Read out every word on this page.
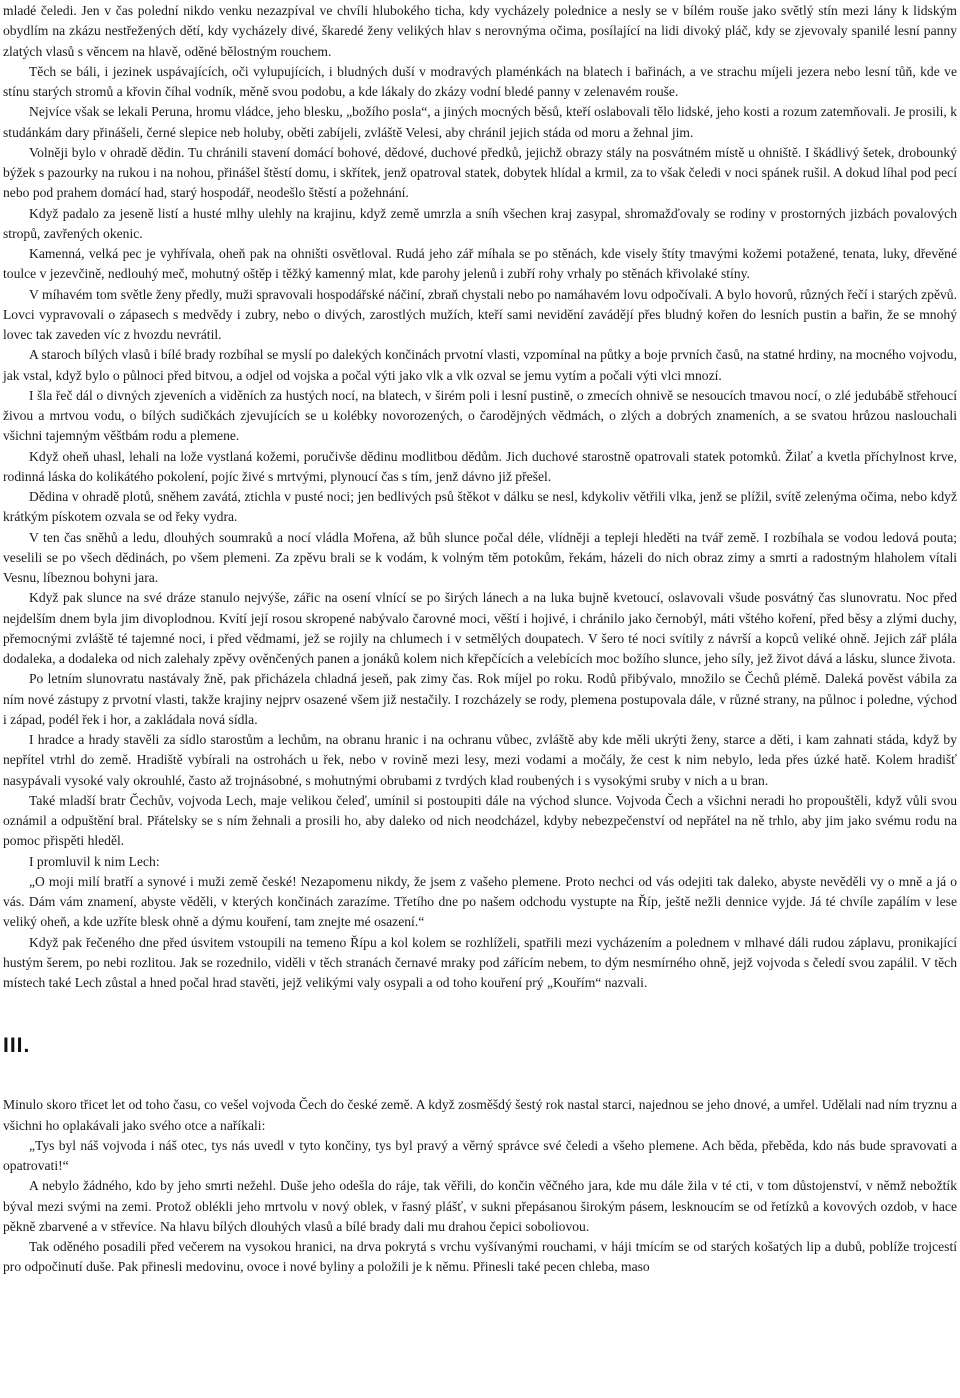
mladé čeledi. Jen v čas polední nikdo venku nezazpíval ve chvíli hlubokého ticha, kdy vycházely polednice a nesly se v bílém rouše jako světlý stín mezi lány k lidským obydlím na zkázu nestřežených dětí, kdy vycházely divé, škaredé ženy velikých hlav s nerovnýma očima, posílající na lidi divoký pláč, kdy se zjevovaly spanilé lesní panny zlatých vlasů s věncem na hlavě, oděné bělostným rouchem.

Těch se báli, i jezinek uspávajících, oči vylupujících, i bludných duší v modravých plaménkách na blatech i bařinách, a ve strachu míjeli jezera nebo lesní tůň, kde ve stínu starých stromů a křovin číhal vodník, měně svou podobu, a kde lákaly do zkázy vodní bledé panny v zelenavém rouše.

Nejvíce však se lekali Peruna, hromu vládce, jeho blesku, „božího posla“, a jiných mocných běsů, kteří oslabovali tělo lidské, jeho kosti a rozum zatemňovali. Je prosili, k studánkám dary přinášeli, černé slepice neb holuby, oběti zabíjeli, zvláště Velesi, aby chránil jejich stáda od moru a žehnal jim.

Volněji bylo v ohradě dědin. Tu chránili stavení domácí bohové, dědové, duchové předků, jejichž obrazy stály na posvátném místě u ohniště. I škádlivý šetek, drobounký býžek s pazourky na rukou i na nohou, přinášel štěstí domu, i skřítek, jenž opatroval statek, dobytek hlídal a krmil, za to však čeledi v noci spánek rušil. A dokud líhal pod pecí nebo pod prahem domácí had, starý hospodář, neodešlo štěstí a požehnání.

Když padalo za jeseně listí a husté mlhy ulehly na krajinu, když země umrzla a sníh všechen kraj zasypal, shromažďovaly se rodiny v prostorných jizbách povalových stropů, zavřených okenic.

Kamenná, velká pec je vyhřívala, oheň pak na ohništi osvětloval. Rudá jeho zář míhala se po stěnách, kde visely štíty tmavými kožemi potažené, tenata, luky, dřevěné toulce v jezevčině, nedlouhý meč, mohutný oštěp i těžký kamenný mlat, kde parohy jelenů i zubří rohy vrhaly po stěnách křivolaké stíny.

V míhavém tom světle ženy předly, muži spravovali hospodářské náčiní, zbraň chystali nebo po namáhavém lovu odpočívali. A bylo hovorů, různých řečí i starých zpěvů. Lovci vypravovali o zápasech s medvědy i zubry, nebo o divých, zarostlých mužích, kteří sami nevidění zavádějí přes bludný kořen do lesních pustin a bařin, že se mnohý lovec tak zaveden víc z hvozdu nevrátil.

A staroch bílých vlasů i bílé brady rozbíhal se myslí po dalekých končinách prvotní vlasti, vzpomínal na půtky a boje prvních časů, na statné hrdiny, na mocného vojvodu, jak vstal, když bylo o půlnoci před bitvou, a odjel od vojska a počal výti jako vlk a vlk ozval se jemu vytím a počali výti vlci mnozí.

I šla řeč dál o divných zjeveních a viděních za hustých nocí, na blatech, v širém poli i lesní pustině, o zmecích ohnivě se nesoucích tmavou nocí, o zlé jedubábě střehoucí živou a mrtvou vodu, o bílých sudičkách zjevujících se u kolébky novorozených, o čarodějných vědmách, o zlých a dobrých znameních, a se svatou hrůzou naslouchali všichni tajemným věštbám rodu a plemene.

Když oheň uhasl, lehali na lože vystlaná kožemi, poručivše dědinu modlitbou dědům. Jich duchové starostně opatrovali statek potomků. Žilať a kvetla příchylnost krve, rodinná láska do kolikátého pokolení, pojíc živé s mrtvými, plynoucí čas s tím, jenž dávno již přešel.

Dědina v ohradě plotů, sněhem zavátá, ztichla v pusté noci; jen bedlivých psů štěkot v dálku se nesl, kdykoliv větřili vlka, jenž se plížil, svítě zelenýma očima, nebo když krátkým pískotem ozvala se od řeky vydra.

V ten čas sněhů a ledu, dlouhých soumraků a nocí vládla Mořena, až bůh slunce počal déle, vlídněji a tepleji hleděti na tvář země. I rozbíhala se vodou ledová pouta; veselili se po všech dědinách, po všem plemeni. Za zpěvu brali se k vodám, k volným těm potokům, řekám, házeli do nich obraz zimy a smrti a radostným hlaholem vítali Vesnu, líbeznou bohyni jara.

Když pak slunce na své dráze stanulo nejvýše, zářic na osení vlnící se po širých lánech a na luka bujně kvetoucí, oslavovali všude posvátný čas slunovratu. Noc před nejdelším dnem byla jim divoplodnou. Kvítí její rosou skropené nabývalo čarovné moci, věští i hojivé, i chránilo jako černobýl, máti vštého koření, před běsy a zlými duchy, přemocnými zvláště té tajemné noci, i před vědmami, jež se rojily na chlumech i v setmělých doupatech. V šero té noci svítily z návrší a kopců veliké ohně. Jejich zář plála dodaleka, a dodaleka od nich zalehaly zpěvy ověnčených panen a jonáků kolem nich křepčících a velebících moc božího slunce, jeho síly, jež život dává a lásku, slunce života.

Po letním slunovratu nastávaly žně, pak přicházela chladná jeseň, pak zimy čas. Rok míjel po roku. Rodů přibývalo, množilo se Čechů plémě. Daleká pověst vábila za ním nové zástupy z prvotní vlasti, takže krajiny nejprv osazené všem již nestačily. I rozcházely se rody, plemena postupovala dále, v různé strany, na půlnoc i poledne, východ i západ, podél řek i hor, a zakládala nová sídla.

I hradce a hrady stavěli za sídlo starostům a lechům, na obranu hranic i na ochranu vůbec, zvláště aby kde měli ukrýti ženy, starce a děti, i kam zahnati stáda, když by nepřítel vtrhl do země. Hradiště vybírali na ostrohách u řek, nebo v rovině mezi lesy, mezi vodami a močály, že cest k nim nebylo, leda přes úzké hatě. Kolem hradišť nasypávali vysoké valy okrouhlé, často až trojnásobné, s mohutnými obrubami z tvrdých klad roubených i s vysokými sruby v nich a u bran.

Také mladší bratr Čechův, vojvoda Lech, maje velikou čeleď, umínil si postoupiti dále na východ slunce. Vojvoda Čech a všichni neradi ho propouštěli, když vůli svou oznámil a odpuštění bral. Přátelsky se s ním žehnali a prosili ho, aby daleko od nich neodcházel, kdyby nebezpečenství od nepřátel na ně trhlo, aby jim jako svému rodu na pomoc přispěti hleděl.

I promluvil k nim Lech:

„O moji milí bratří a synové i muži země české! Nezapomenu nikdy, že jsem z vašeho plemene. Proto nechci od vás odejiti tak daleko, abyste nevěděli vy o mně a já o vás. Dám vám znamení, abyste věděli, v kterých končinách zarazíme. Třetího dne po našem odchodu vystupte na Říp, ještě nežli dennice vyjde. Já té chvíle zapálím v lese veliký oheň, a kde uzříte blesk ohně a dýmu kouření, tam znejte mé osazení.“

Když pak řečeného dne před úsvitem vstoupili na temeno Řípu a kol kolem se rozhlíželi, spatřili mezi vycházením a polednem v mlhavé dáli rudou záplavu, pronikající hustým šerem, po nebi rozlitou. Jak se rozednilo, viděli v těch stranách černavé mraky pod zářícím nebem, to dým nesmírného ohně, jejž vojvoda s čeledí svou zapálil. V těch místech také Lech zůstal a hned počal hrad stavěti, jejž velikými valy osypali a od toho kouření prý „Kouřím“ nazvali.

III.

Minulo skoro třicet let od toho času, co vešel vojvoda Čech do české země. A když zosměšdý šestý rok nastal starci, najednou se jeho dnové, a umřel. Udělali nad ním tryznu a všichni ho oplakávali jako svého otce a naříkali:

„Tys byl náš vojvoda i náš otec, tys nás uvedl v tyto končiny, tys byl pravý a věrný správce své čeledi a všeho plemene. Ach běda, přeběda, kdo nás bude spravovati a opatrovati!“

A nebylo žádného, kdo by jeho smrti nežehl. Duše jeho odešla do ráje, tak věřili, do končin věčného jara, kde mu dále žila v té cti, v tom důstojenství, v němž nebožtík býval mezi svými na zemi. Protož oblékli jeho mrtvolu v nový oblek, v řasný plášť, v sukni přepásanou širokým pásem, lesknoucím se od řetízků a kovových ozdob, v hace pěkně zbarvené a v střevíce. Na hlavu bílých dlouhých vlasů a bílé brady dali mu drahou čepici soboliovou.

Tak oděného posadili před večerem na vysokou hranici, na drva pokrytá s vrchu vyšívanými rouchami, v háji tmícím se od starých košatých lip a dubů, poblíže trojcestí pro odpočinutí duše. Pak přinesli medovinu, ovoce i nové byliny a položili je k němu. Přinesli také pecen chleba, maso
